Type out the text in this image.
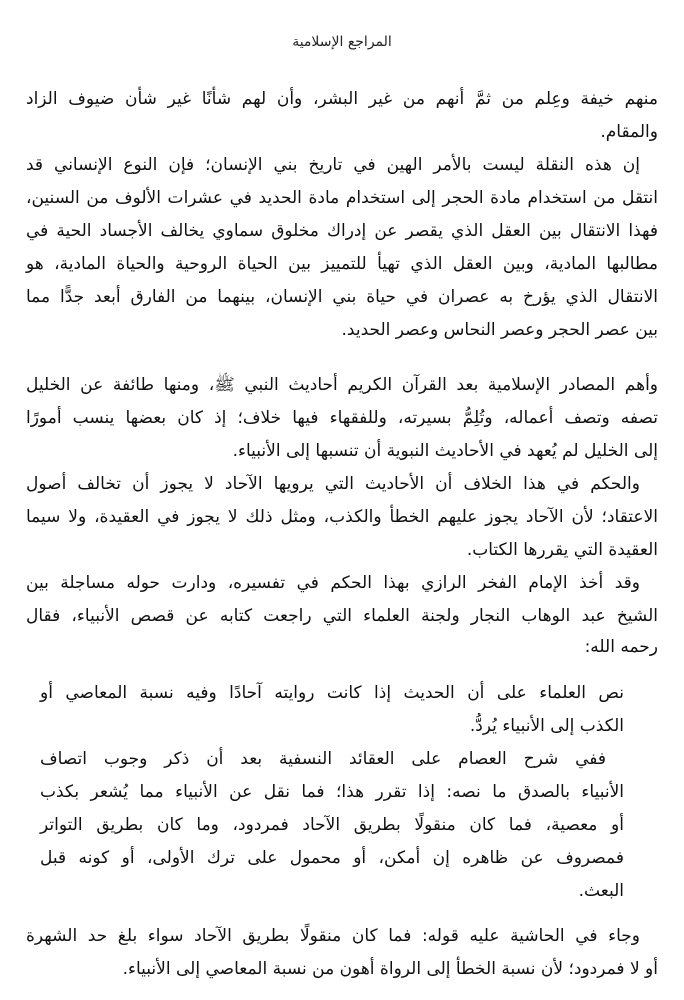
المراجع الإسلامية
منهم خيفة وعِلم من ثمَّ أنهم من غير البشر، وأن لهم شأنًا غير شأن ضيوف الزاد
والمقام.
إن هذه النقلة ليست بالأمر الهين في تاريخ بني الإنسان؛ فإن النوع الإنساني قد
انتقل من استخدام مادة الحجر إلى استخدام مادة الحديد في عشرات الألوف من السنين،
فهذا الانتقال بين العقل الذي يقصر عن إدراك مخلوق سماوي يخالف الأجساد الحية في
مطالبها المادية، وبين العقل الذي تهيأ للتمييز بين الحياة الروحية والحياة المادية، هو
الانتقال الذي يؤرخ به عصران في حياة بني الإنسان، بينهما من الفارق أبعد جدًّا مما
بين عصر الحجر وعصر النحاس وعصر الحديد.
وأهم المصادر الإسلامية بعد القرآن الكريم أحاديث النبي ﷺ، ومنها طائفة عن الخليل
تصفه وتصف أعماله، وتُلِمُّ بسيرته، وللفقهاء فيها خلاف؛ إذ كان بعضها ينسب أمورًا
إلى الخليل لم يُعهد في الأحاديث النبوية أن تنسبها إلى الأنبياء.
والحكم في هذا الخلاف أن الأحاديث التي يرويها الآحاد لا يجوز أن تخالف أصول
الاعتقاد؛ لأن الآحاد يجوز عليهم الخطأ والكذب، ومثل ذلك لا يجوز في العقيدة، ولا سيما
العقيدة التي يقررها الكتاب.
وقد أخذ الإمام الفخر الرازي بهذا الحكم في تفسيره، ودارت حوله مساجلة بين
الشيخ عبد الوهاب النجار ولجنة العلماء التي راجعت كتابه عن قصص الأنبياء، فقال
رحمه الله:
نص العلماء على أن الحديث إذا كانت روايته آحادًا وفيه نسبة المعاصي أو
الكذب إلى الأنبياء يُردُّ.
ففي شرح العصام على العقائد النسفية بعد أن ذكر وجوب اتصاف
الأنبياء بالصدق ما نصه: إذا تقرر هذا؛ فما نقل عن الأنبياء مما يُشعر بكذب
أو معصية، فما كان منقولًا بطريق الآحاد فمردود، وما كان بطريق التواتر
فمصروف عن ظاهره إن أمكن، أو محمول على ترك الأولى، أو كونه قبل
البعث.
وجاء في الحاشية عليه قوله: فما كان منقولًا بطريق الآحاد سواء بلغ حد الشهرة
أو لا فمردود؛ لأن نسبة الخطأ إلى الرواة أهون من نسبة المعاصي إلى الأنبياء.
